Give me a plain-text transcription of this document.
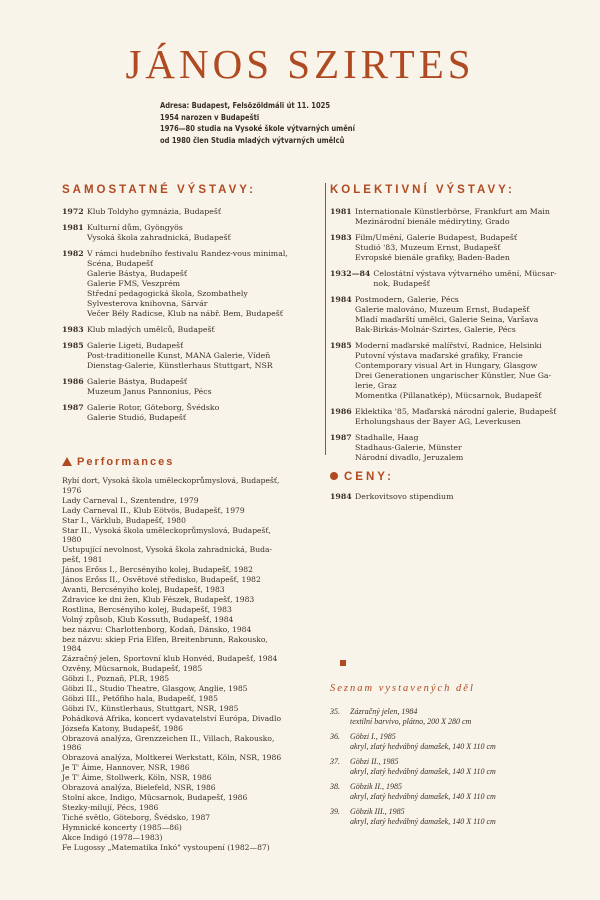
JÁNOS SZIRTES
Adresa: Budapest, Felsözöldmáli út 11. 1025
1954 narozen v Budapešti
1976—80 studia na Vysoké škole výtvarných umění
od 1980 člen Studia mladých výtvarných umělců
SAMOSTATNÉ VÝSTAVY:
1972 Klub Toldyho gymnázia, Budapešť
1981 Kulturní dům, Gyöngyös
Vysoká škola zahradnická, Budapešť
1982 V rámci hudebního festivalu Randez-vous minimal,
Scéna, Budapešť
Galerie Bástya, Budapešť
Galerie FMS, Veszprém
Střední pedagogická škola, Szombathely
Sylvesterova knihovna, Sárvár
Večer Bély Radicse, Klub na nábř. Bem, Budapešť
1983 Klub mladých umělců, Budapešť
1985 Galerie Ligeti, Budapešť
Post-traditionelle Kunst, MANA Galerie, Vídeň
Dienstag-Galerie, Künstlerhaus Stuttgart, NSR
1986 Galerie Bástya, Budapešť
Muzeum Janus Pannonius, Pécs
1987 Galerie Rotor, Göteborg, Švédsko
Galerie Studió, Budapešť
KOLEKTIVNÍ VÝSTAVY:
1981 Internationale Künstlerbörse, Frankfurt am Main
Mezinárodní bienále médirytiny, Grado
1983 Film/Umění, Galerie Budapest, Budapešť
Studió '83, Muzeum Ernst, Budapešť
Evropské bienále grafiky, Baden-Baden
1932—84 Celostátní výstava výtvarného umění, Mücsar-
nok, Budapešť
1984 Postmodern, Galerie, Pécs
Galerie malováno, Muzeum Ernst, Budapešť
Mladí maďarští umělci, Galerie Seina, Varšava
Bak-Birkás-Molnár-Szirtes, Galerie, Pécs
1985 Moderní maďarské malířství, Radnice, Helsinki
Putovní výstava maďarské grafiky, Francie
Contemporary visual Art in Hungary, Glasgow
Drei Generationen ungarischer Künstler, Nue Ga-
lerie, Graz
Momentka (Pillanatkép), Mücsarnok, Budapešť
1986 Eklektika '85, Maďarská národní galerie, Budapešť
Erholungshaus der Bayer AG, Leverkusen
1987 Stadhalle, Haag
Stadhaus-Galerie, Münster
Národní divadlo, Jeruzalem
CENY:
1984 Derkovitsovo stipendium
Performances
Rybí dort, Vysoká škola uměleckoprůmyslová, Budapešť,
1976
Lady Carneval I., Szentendre, 1979
Lady Carneval II., Klub Eötvös, Budapešť, 1979
Star I., Várklub, Budapešť, 1980
Star II., Vysoká škola uměleckoprůmyslová, Budapešť,
1980
Ustupující nevolnost, Vysoká škola zahradnická, Buda-
pešť, 1981
János Erőss I., Bercsényiho kolej, Budapešť, 1982
János Erőss II., Osvětové středisko, Budapešť, 1982
Avanti, Bercsényiho kolej, Budapešť, 1983
Zdravice ke dni žen, Klub Fészek, Budapešť, 1983
Rostlina, Bercsényiho kolej, Budapešť, 1983
Volný způsob, Klub Kossuth, Budapešť, 1984
bez názvu: Charlottenborg, Kodaň, Dánsko, 1984
bez názvu: skiep Fria Elfen, Breitenbrunn, Rakousko,
1984
Zázračný jelen, Sportovní klub Honvéd, Budapešť, 1984
Ozvěny, Mücsarnok, Budapešť, 1985
Göbzi I., Poznaň, PLR, 1985
Göbzi II., Studio Theatre, Glasgow, Anglie, 1985
Göbzi III., Petőfiho hala, Budapešť, 1985
Göbzi IV., Künstlerhaus, Stuttgart, NSR, 1985
Pohádková Afrika, koncert vydavatelství Európa, Divadlo
Józsefa Katony, Budapešť, 1986
Obrazová analýza, Grenzzeichen II., Villach, Rakousko,
1986
Obrazová analýza, Moltkerei Werkstatt, Köln, NSR, 1986
Je T' Áime, Hannover, NSR, 1986
Je T' Áime, Stollwerk, Köln, NSR, 1986
Obrazová analýza, Bielefeld, NSR, 1986
Stolní akce, Indigo, Mücsarnok, Budapešť, 1986
Stezky-milují, Pécs, 1986
Tiché světlo, Göteborg, Švédsko, 1987
Hymnické koncerty (1985—86)
Akce Indigó (1978—1983)
Fe Lugossy „Matematika Inkó" vystoupení (1982—87)
Seznam vystavených děl
35.	Zázračný jelen, 1984
textilní barvivo, plátno, 200 X 280 cm
36.	Göbzi I., 1985
akryl, zlatý hedvábný damašek, 140 X 110 cm
37.	Göbzi II., 1985
akryl, zlatý hedvábný damašek, 140 X 110 cm
38.	Göbzik II., 1985
akryl, zlatý hedvábný damašek, 140 X 110 cm
39.	Göbzik III., 1985
akryl, zlatý hedvábný damašek, 140 X 110 cm
